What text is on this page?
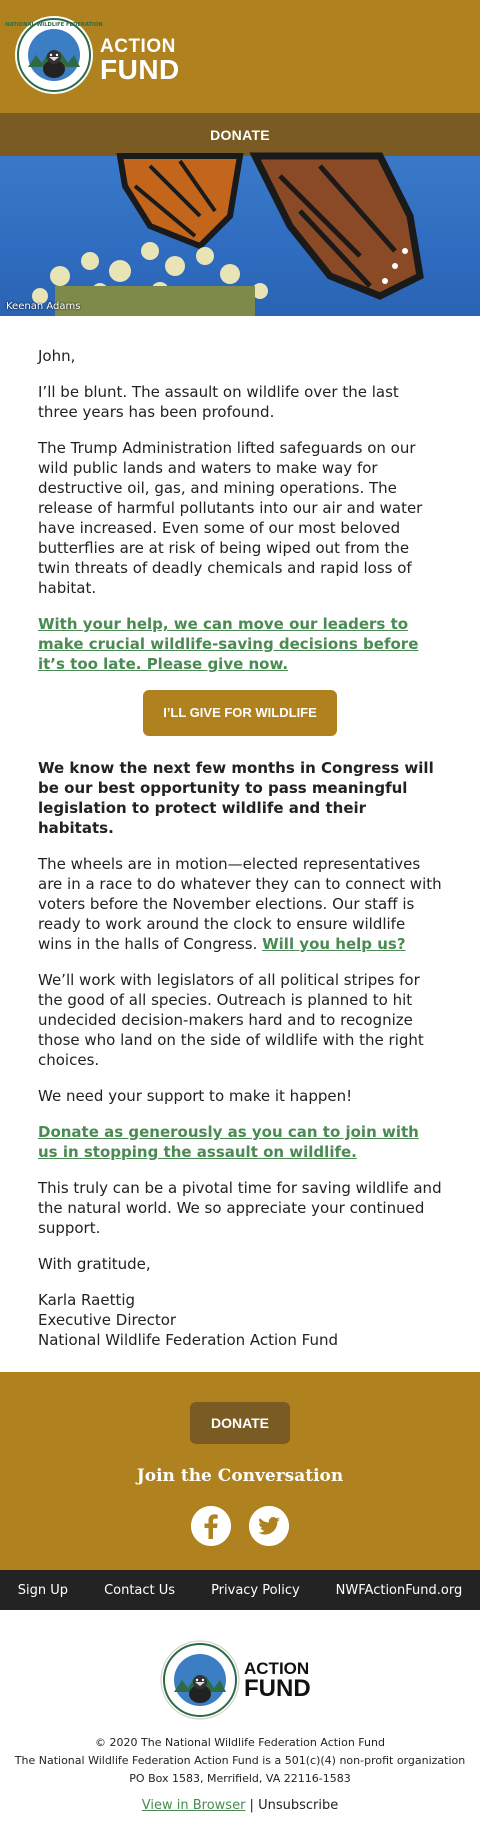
NATIONAL WILDLIFE FEDERATION
ACTION
FUND
DONATE
Keenan Adams

John,

I’ll be blunt. The assault on wildlife over the last three years has been profound.

The Trump Administration lifted safeguards on our wild public lands and waters to make way for destructive oil, gas, and mining operations. The release of harmful pollutants into our air and water have increased. Even some of our most beloved butterflies are at risk of being wiped out from the twin threats of deadly chemicals and rapid loss of habitat.

With your help, we can move our leaders to make crucial wildlife-saving decisions before it’s too late. Please give now.

I’LL GIVE FOR WILDLIFE

We know the next few months in Congress will be our best opportunity to pass meaningful legislation to protect wildlife and their habitats.

The wheels are in motion—elected representatives are in a race to do whatever they can to connect with voters before the November elections. Our staff is ready to work around the clock to ensure wildlife wins in the halls of Congress. Will you help us?

We’ll work with legislators of all political stripes for the good of all species. Outreach is planned to hit undecided decision-makers hard and to recognize those who land on the side of wildlife with the right choices.

We need your support to make it happen!

Donate as generously as you can to join with us in stopping the assault on wildlife.

This truly can be a pivotal time for saving wildlife and the natural world. We so appreciate your continued support.

With gratitude,

Karla Raettig

Executive Director

National Wildlife Federation Action Fund

DONATE
Join the Conversation
Sign Up	Contact Us	Privacy Policy	NWFActionFund.org
ACTION
FUND
© 2020 The National Wildlife Federation Action Fund
The National Wildlife Federation Action Fund is a 501(c)(4) non-profit organization
PO Box 1583, Merrifield, VA 22116-1583
View in Browser | Unsubscribe
